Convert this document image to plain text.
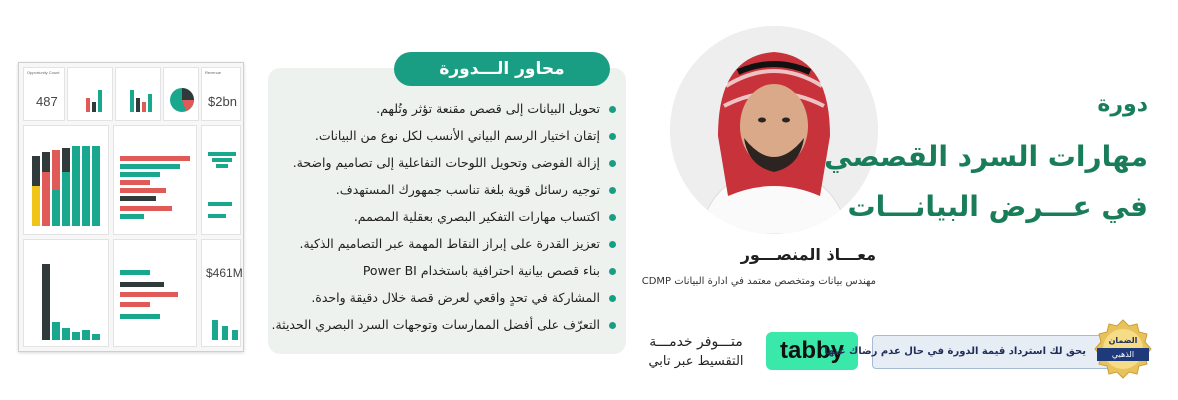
Opportunity Count
487
Revenue
$2bn
$461M
محاور الـــدورة
تحويل البيانات إلى قصص مقنعة تؤثر وتُلهم.
إتقان اختيار الرسم البياني الأنسب لكل نوع من البيانات.
إزالة الفوضى وتحويل اللوحات التفاعلية إلى تصاميم واضحة.
توجيه رسائل قوية بلغة تناسب جمهورك المستهدف.
اكتساب مهارات التفكير البصري بعقلية المصمم.
تعزيز القدرة على إبراز النقاط المهمة عبر التصاميم الذكية.
بناء قصص بيانية احترافية باستخدام Power BI
المشاركة في تحدٍ واقعي لعرض قصة خلال دقيقة واحدة.
التعرّف على أفضل الممارسات وتوجهات السرد البصري الحديثة.
معـــاذ المنصـــور
مهندس بيانات ومتخصص معتمد في ادارة البيانات CDMP
دورة
مهارات السرد القصصي
في عـــرض البيانـــات
متـــوفر خدمـــة
التقسيط عبر تابي	tabby
يحق لك استرداد قيمة الدورة في حال عدم رضاك عنها
الضمان
الذهبي
